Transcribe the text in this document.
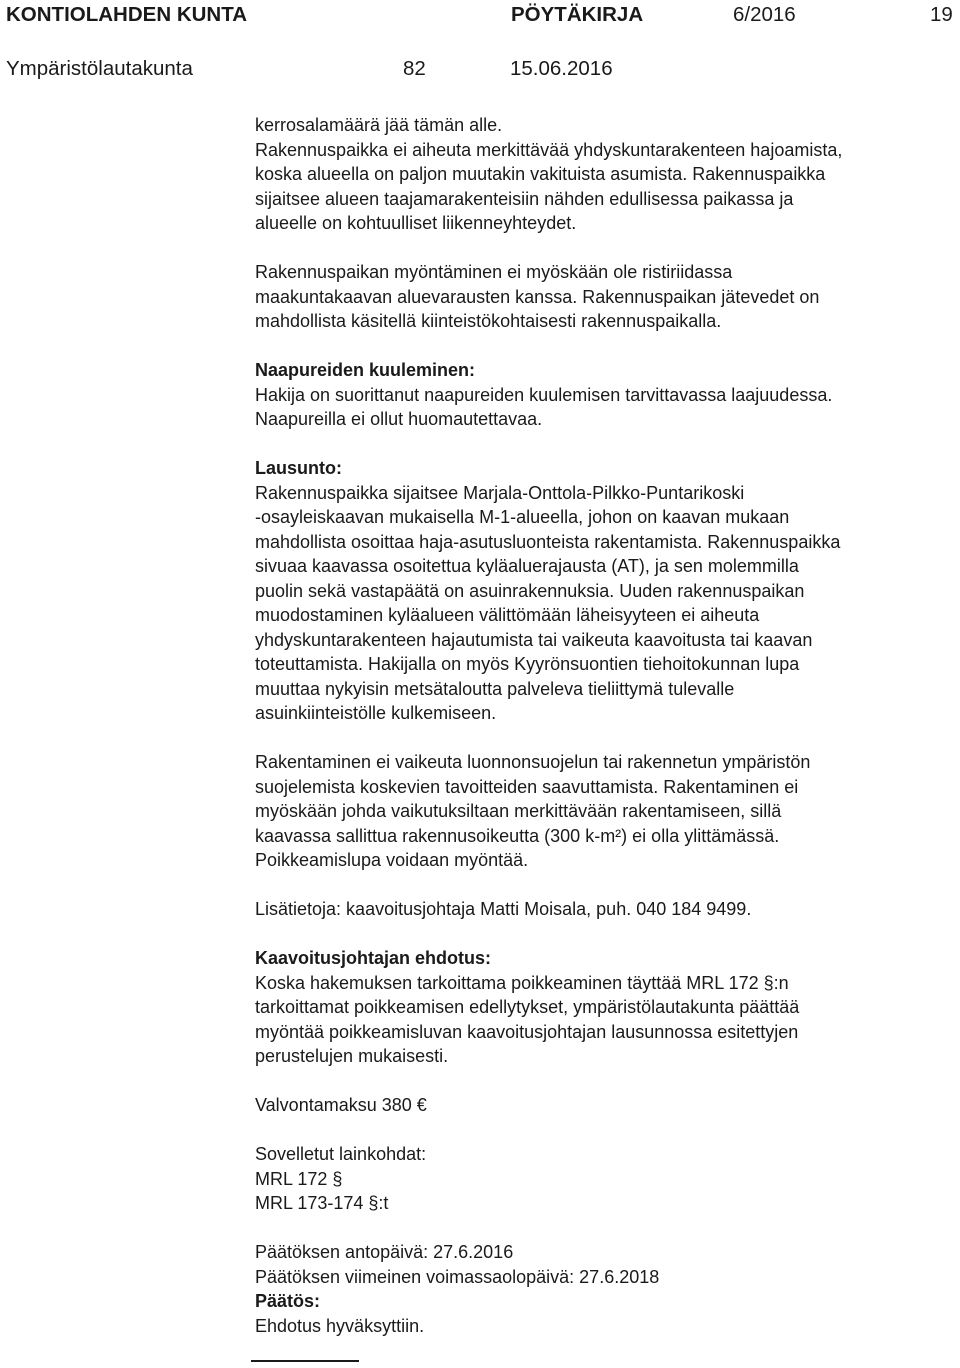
KONTIOLAHDEN KUNTA	PÖYTÄKIRJA	6/2016	19
Ympäristölautakunta	82	15.06.2016
kerrosalamäärä jää tämän alle.
Rakennuspaikka ei aiheuta merkittävää yhdyskuntarakenteen hajoamista,
koska alueella on paljon muutakin vakituista asumista. Rakennuspaikka
sijaitsee alueen taajamarakenteisiin nähden edullisessa paikassa ja
alueelle on kohtuulliset liikenneyhteydet.
Rakennuspaikan myöntäminen ei myöskään ole ristiriidassa
maakuntakaavan aluevarausten kanssa. Rakennuspaikan jätevedet on
mahdollista käsitellä kiinteistökohtaisesti rakennuspaikalla.
Naapureiden kuuleminen:
Hakija on suorittanut naapureiden kuulemisen tarvittavassa laajuudessa.
Naapureilla ei ollut huomautettavaa.
Lausunto:
Rakennuspaikka sijaitsee Marjala-Onttola-Pilkko-Puntarikoski
-osayleiskaavan mukaisella M-1-alueella, johon on kaavan mukaan
mahdollista osoittaa haja-asutusluonteista rakentamista. Rakennuspaikka
sivuaa kaavassa osoitettua kyläaluerajausta (AT), ja sen molemmilla
puolin sekä vastapäätä on asuinrakennuksia. Uuden rakennuspaikan
muodostaminen kyläalueen välittömään läheisyyteen ei aiheuta
yhdyskuntarakenteen hajautumista tai vaikeuta kaavoitusta tai kaavan
toteuttamista. Hakijalla on myös Kyyrönsuontien tiehoitokunnan lupa
muuttaa nykyisin metsätaloutta palveleva tieliittymä tulevalle
asuinkiinteistölle kulkemiseen.
Rakentaminen ei vaikeuta luonnonsuojelun tai rakennetun ympäristön
suojelemista koskevien tavoitteiden saavuttamista. Rakentaminen ei
myöskään johda vaikutuksiltaan merkittävään rakentamiseen, sillä
kaavassa sallittua rakennusoikeutta (300 k-m²) ei olla ylittämässä.
Poikkeamislupa voidaan myöntää.
Lisätietoja: kaavoitusjohtaja Matti Moisala, puh. 040 184 9499.
Kaavoitusjohtajan ehdotus:
Koska hakemuksen tarkoittama poikkeaminen täyttää MRL 172 §:n
tarkoittamat poikkeamisen edellytykset, ympäristölautakunta päättää
myöntää poikkeamisluvan kaavoitusjohtajan lausunnossa esitettyjen
perustelujen mukaisesti.
Valvontamaksu 380 €
Sovelletut lainkohdat:
MRL 172 §
MRL 173-174 §:t
Päätöksen antopäivä: 27.6.2016
Päätöksen viimeinen voimassaolopäivä: 27.6.2018
Päätös:
Ehdotus hyväksyttiin.
